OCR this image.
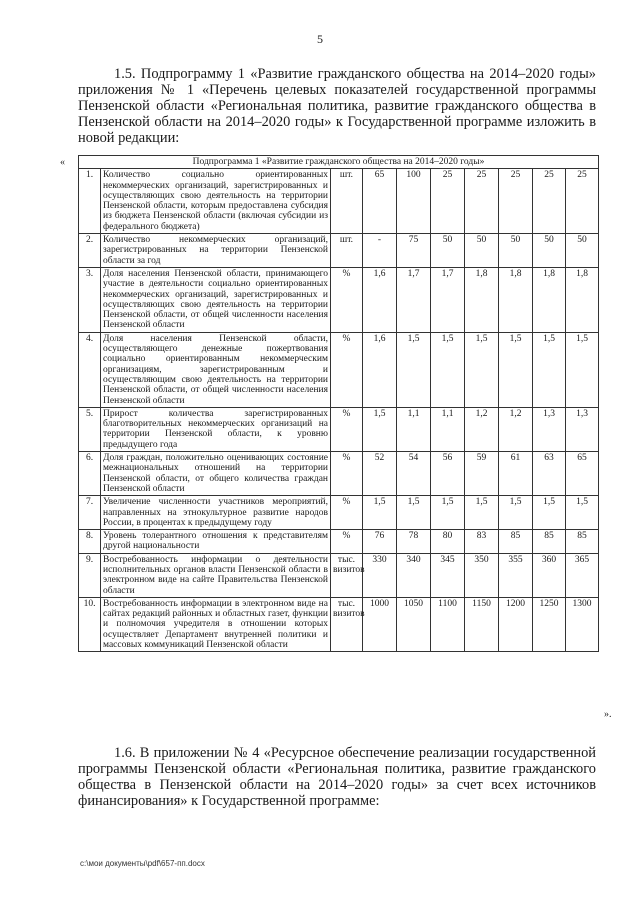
5

1.5. Подпрограмму 1 «Развитие гражданского общества на 2014–2020 годы» приложения № 1 «Перечень целевых показателей государственной программы Пензенской области «Региональная политика, развитие гражданского общества в Пензенской области на 2014–2020 годы» к Государственной программе изложить в новой редакции:

«	Подпрограмма 1 «Развитие гражданского общества на 2014–2020 годы»									
1.	Количество социально ориентированных некоммерческих организаций, зарегистрированных и осуществляющих свою деятельность на территории Пензенской области, которым предоставлена субсидия из бюджета Пензенской области (включая субсидии из федерального бюджета)	шт.	65	100	25	25	25	25	25
2.	Количество некоммерческих организаций, зарегистрированных на территории Пензенской области за год	шт.	-	75	50	50	50	50	50
3.	Доля населения Пензенской области, принимающего участие в деятельности социально ориентированных некоммерческих организаций, зарегистрированных и осуществляющих свою деятельность на территории Пензенской области, от общей численности населения Пензенской области	%	1,6	1,7	1,7	1,8	1,8	1,8	1,8
4.	Доля населения Пензенской области, осуществляющего денежные пожертвования социально ориентированным некоммерческим организациям, зарегистрированным и осуществляющим свою деятельность на территории Пензенской области, от общей численности населения Пензенской области	%	1,6	1,5	1,5	1,5	1,5	1,5	1,5
5.	Прирост количества зарегистрированных благотворительных некоммерческих организаций на территории Пензенской области, к уровню предыдущего года	%	1,5	1,1	1,1	1,2	1,2	1,3	1,3
6.	Доля граждан, положительно оценивающих состояние межнациональных отношений на территории Пензенской области, от общего количества граждан Пензенской области	%	52	54	56	59	61	63	65
7.	Увеличение численности участников мероприятий, направленных на этнокультурное развитие народов России, в процентах к предыдущему году	%	1,5	1,5	1,5	1,5	1,5	1,5	1,5
8.	Уровень толерантного отношения к представителям другой национальности	%	76	78	80	83	85	85	85
9.	Востребованность информации о деятельности исполнительных органов власти Пензенской области в электронном виде на сайте Правительства Пензенской области	тыс. визитов	330	340	345	350	355	360	365
10.	Востребованность информации в электронном виде на сайтах редакций районных и областных газет, функции и полномочия учредителя в отношении которых осуществляет Департамент внутренней политики и массовых коммуникаций Пензенской области	тыс. визитов	1000	1050	1100	1150	1200	1250	1300
».

1.6. В приложении № 4 «Ресурсное обеспечение реализации государственной программы Пензенской области «Региональная политика, развитие гражданского общества в Пензенской области на 2014–2020 годы» за счет всех источников финансирования» к Государственной программе:

c:\мои документы\pdf\657-пп.docx
